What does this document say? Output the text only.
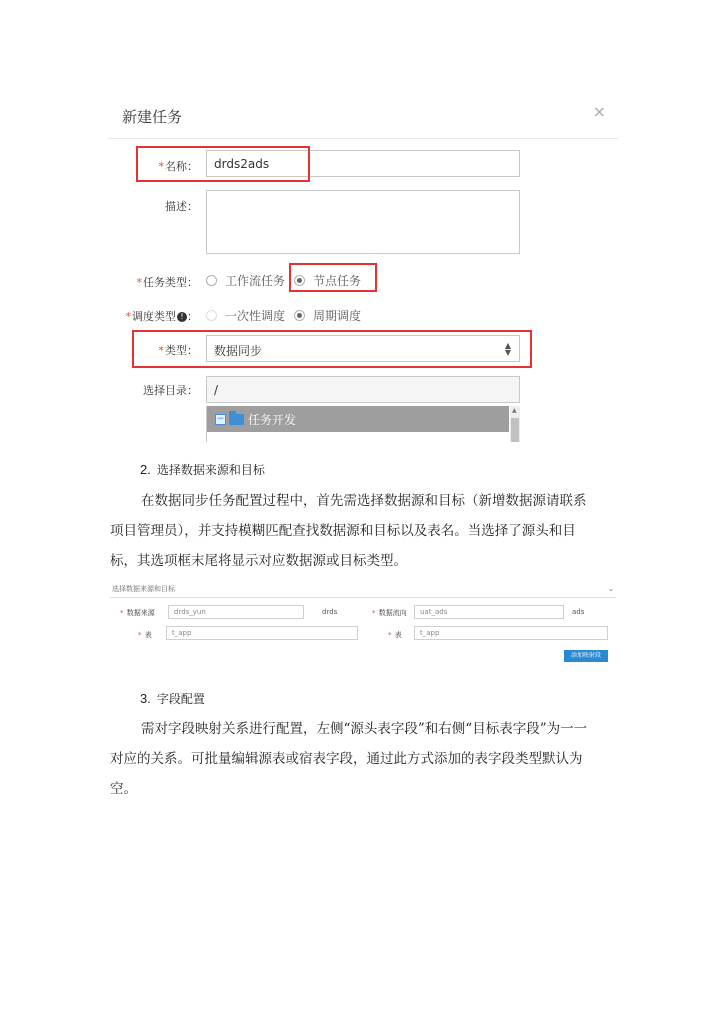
新建任务	×
*名称：	drds2ads
描述：
*任务类型： 工作流任务 节点任务
*调度类型 ! ： 一次性调度 周期调度
*类型：	数据同步	▲
▼
选择目录：	/
− 任务开发
▲
2. 选择数据来源和目标
在数据同步任务配置过程中，首先需选择数据源和目标（新增数据源请联系
项目管理员），并支持模糊匹配查找数据源和目标以及表名。当选择了源头和目
标，其选项框末尾将显示对应数据源或目标类型。
选择数据来源和目标	⌄
* 数据来源	drds_yun	drds	* 数据流向	uat_ads	ads
* 表	t_app	* 表	t_app
添加映射段
3. 字段配置
需对字段映射关系进行配置，左侧“源头表字段”和右侧“目标表字段”为一一
对应的关系。可批量编辑源表或宿表字段，通过此方式添加的表字段类型默认为
空。
